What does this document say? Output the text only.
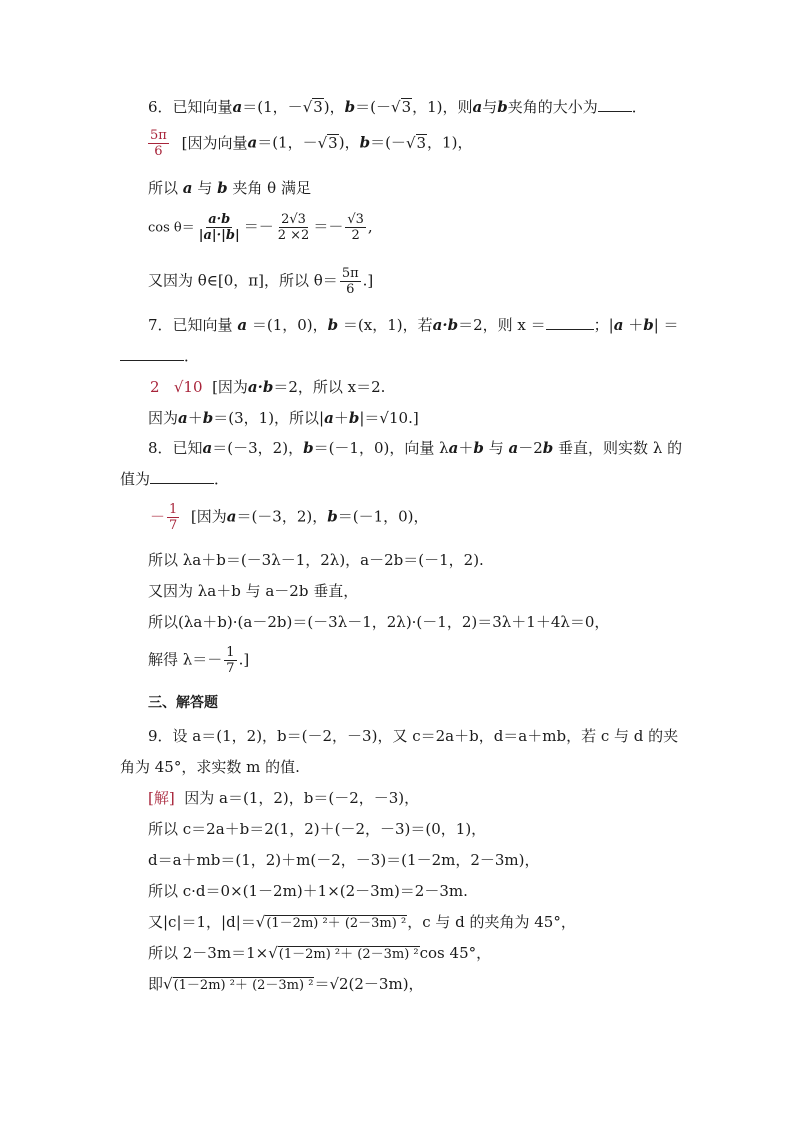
6．已知向量a＝(1，－√3)，b＝(－√3，1)，则a与b夹角的大小为 ．
$\frac{5\pi}{6}$ [因为向量a＝(1，－√3)，b＝(－√3，1)，
所以 a 与 b 夹角 θ 满足
$\cos \theta= \frac{a\cdot b}{|a|\cdot|b|} =- \frac{2√3}{2 \times 2} =- \frac{√3}{2}$ ,
又因为 θ∈[0，π]，所以 $\theta= \frac{5\pi}{6}$ .]
7．已知向量 a ＝(1，0)，b ＝(x，1)，若a·b＝2，则 x ＝	；|a ＋b| ＝
．
2 √10 [因为a·b＝2，所以 x＝2.
因为a＋b＝(3，1)，所以|a＋b|＝√10.]
8．已知a＝(－3，2)，b＝(－1，0)，向量 λa＋b 与 a－2b 垂直，则实数 λ 的
值为	．
－ $\frac{1}{7}$ [因为a＝(－3，2)，b＝(－1，0)，
所以 λa＋b＝(－3λ－1，2λ)，a－2b＝(－1，2).
又因为 λa＋b 与 a－2b 垂直，
所以(λa＋b)·(a－2b)＝(－3λ－1，2λ)·(－1，2)＝3λ＋1＋4λ＝0，
解得 $\lambda=- \frac{1}{7}$ .]
三、解答题
9．设 a＝(1，2)，b＝(－2，－3)，又 c＝2a＋b，d＝a＋mb，若 c 与 d 的夹
角为 45°，求实数 m 的值.
[解] 因为 a＝(1，2)，b＝(－2，－3)，
所以 c＝2a＋b＝2(1，2)＋(－2，－3)＝(0，1)，
d＝a＋mb＝(1，2)＋m(－2，－3)＝(1－2m，2－3m)，
所以 c·d＝0×(1－2m)＋1×(2－3m)＝2－3m.
又|c|＝1，|d|＝√(1－2m) ²＋ (2－3m) ²，c 与 d 的夹角为 45°，
所以 2－3m＝1×√(1－2m) ²＋ (2－3m) ²cos 45°，
即√(1－2m) ²＋ (2－3m) ²＝√2(2－3m)，
